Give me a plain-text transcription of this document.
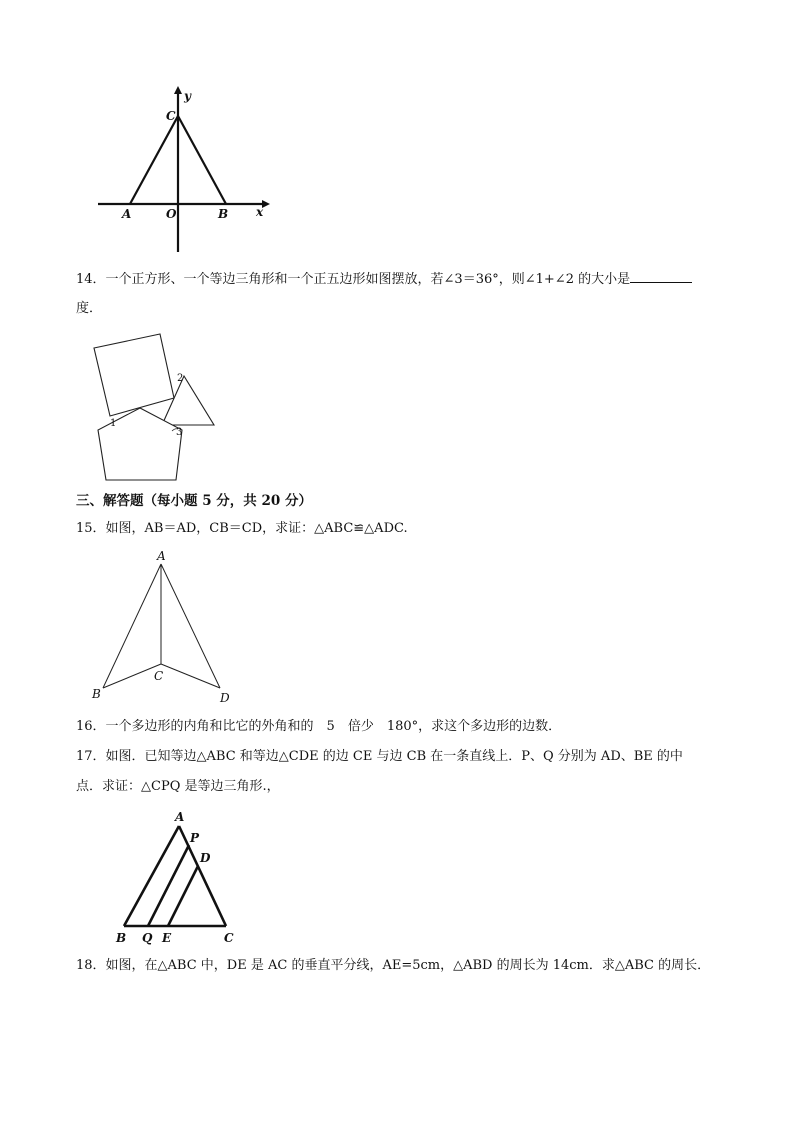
y
C
A	O	B x
14．一个正方形、一个等边三角形和一个正五边形如图摆放，若∠3＝36°，则∠1+∠2 的大小是
度．
2
1
3
三、解答题（每小题 5 分，共 20 分）
15．如图，AB＝AD，CB＝CD，求证：△ABC≌△ADC.
A
B
C
D
16．一个多边形的内角和比它的外角和的　5　倍少　180°，求这个多边形的边数．
17．如图．已知等边△ABC 和等边△CDE 的边 CE 与边 CB 在一条直线上．P、Q 分别为 AD、BE 的中
点．求证：△CPQ 是等边三角形.，
A
P
D
B Q E	C
18．如图，在△ABC 中，DE 是 AC 的垂直平分线，AE=5cm，△ABD 的周长为 14cm．求△ABC 的周长．
